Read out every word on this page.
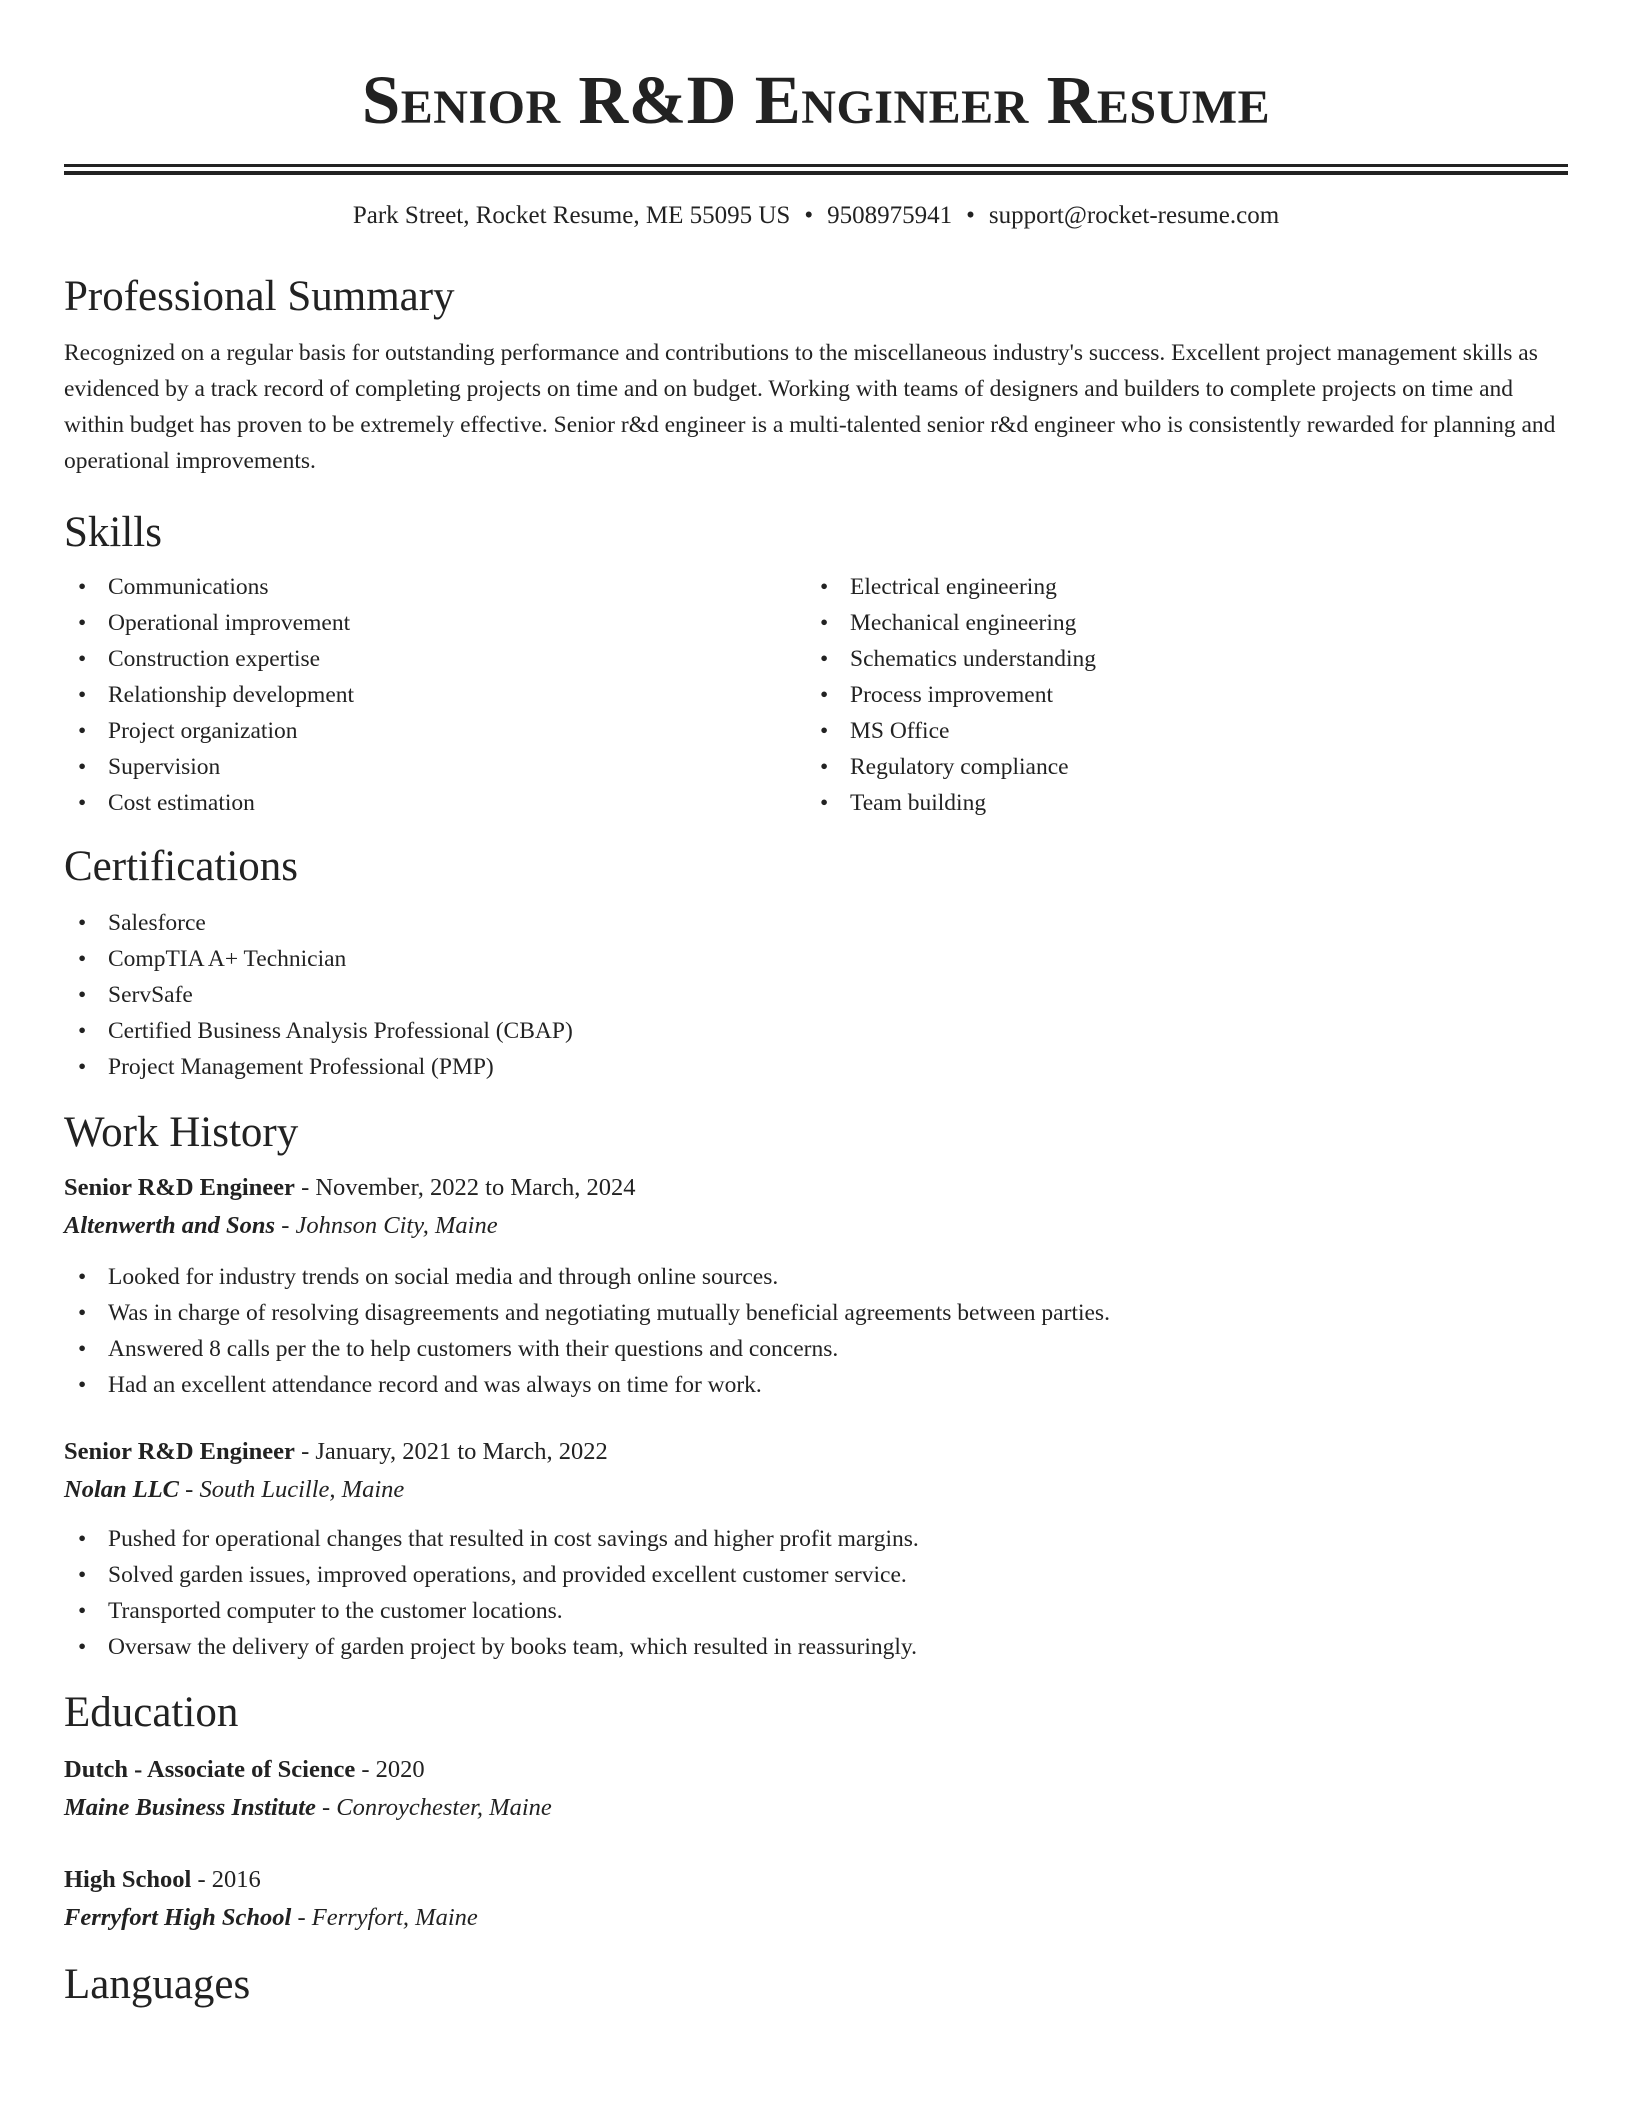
Senior R&D Engineer Resume
Park Street, Rocket Resume, ME 55095 US • 9508975941 • support@rocket-resume.com
Professional Summary

Recognized on a regular basis for outstanding performance and contributions to the miscellaneous industry's success. Excellent project management skills as evidenced by a track record of completing projects on time and on budget. Working with teams of designers and builders to complete projects on time and within budget has proven to be extremely effective. Senior r&d engineer is a multi-talented senior r&d engineer who is consistently rewarded for planning and operational improvements.

Skills
• Communications
• Operational improvement
• Construction expertise
• Relationship development
• Project organization
• Supervision
• Cost estimation
• Electrical engineering
• Mechanical engineering
• Schematics understanding
• Process improvement
• MS Office
• Regulatory compliance
• Team building
Certifications
• Salesforce
• CompTIA A+ Technician
• ServSafe
• Certified Business Analysis Professional (CBAP)
• Project Management Professional (PMP)
Work History
Senior R&D Engineer - November, 2022 to March, 2024
Altenwerth and Sons - Johnson City, Maine
• Looked for industry trends on social media and through online sources.
• Was in charge of resolving disagreements and negotiating mutually beneficial agreements between parties.
• Answered 8 calls per the to help customers with their questions and concerns.
• Had an excellent attendance record and was always on time for work.
Senior R&D Engineer - January, 2021 to March, 2022
Nolan LLC - South Lucille, Maine
• Pushed for operational changes that resulted in cost savings and higher profit margins.
• Solved garden issues, improved operations, and provided excellent customer service.
• Transported computer to the customer locations.
• Oversaw the delivery of garden project by books team, which resulted in reassuringly.
Education
Dutch - Associate of Science - 2020
Maine Business Institute - Conroychester, Maine
High School - 2016
Ferryfort High School - Ferryfort, Maine
Languages
